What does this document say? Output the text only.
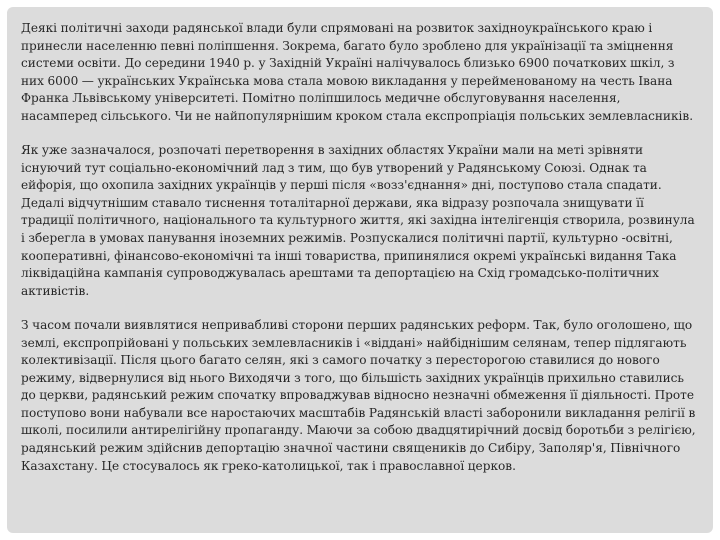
Деякі політичні заходи радянської влади були спрямовані на розвиток західноукраїнського краю і принесли населенню певні поліпшення. Зокрема, багато було зроблено для українізації та зміцнення системи освіти. До середини 1940 р. у Західній Україні налічувалось близько 6900 початкових шкіл, з них 6000 — українських Українська мова стала мовою викладання у перейменованому на честь Івана Франка Львівському університеті. Помітно поліпшилось медичне обслуговування населення, насамперед сільського. Чи не найпопулярнішим кроком стала експропріація польських землевласників.

Як уже зазначалося, розпочаті перетворення в західних областях України мали на меті зрівняти існуючий тут соціально-економічний лад з тим, що був утворений у Радянському Союзі. Однак та ейфорія, що охопила західних українців у перші після «возз'єднання» дні, поступово стала спадати. Дедалі відчутнішим ставало тиснення тоталітарної держави, яка відразу розпочала знищувати її традиції політичного, національного та культурного життя, які західна інтелігенція створила, розвинула і зберегла в умовах панування іноземних режимів. Розпускалися політичні партії, культурно -освітні, кооперативні, фінансово-економічні та інші товариства, припинялися окремі українські видання Така ліквідаційна кампанія супроводжувалась арештами та депортацією на Схід громадсько-політичних активістів.

З часом почали виявлятися непривабливі сторони перших радянських реформ. Так, було оголошено, що землі, експропрійовані у польських землевласників і «віддані» найбіднішим селянам, тепер підлягають колективізації. Після цього багато селян, які з самого початку з пересторогою ставилися до нового режиму, відвернулися від нього Виходячи з того, що більшість західних українців прихильно ставились до церкви, радянський режим спочатку впроваджував відносно незначні обмеження її діяльності. Проте поступово вони набували все наростаючих масштабів Радянській власті заборонили викладання релігії в школі, посилили антирелігійну пропаганду. Маючи за собою двадцятирічний досвід боротьби з релігією, радянський режим здійснив депортацію значної частини священиків до Сибіру, Заполяр'я, Північного Казахстану. Це стосувалось як греко-католицької, так і православної церков.
